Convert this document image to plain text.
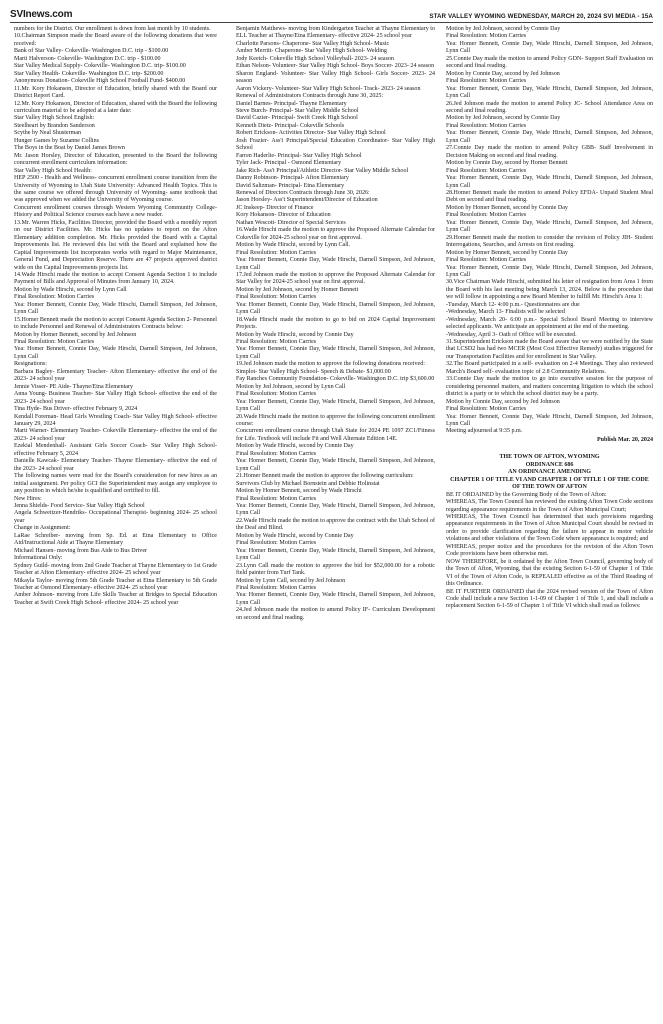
SVInews.com	STAR VALLEY WYOMING WEDNESDAY, MARCH 20, 2024 SVI MEDIA - 15A

numbers for the District. Our enrollment is down from last month by 10 students.

10.Chairman Simpson made the Board aware of the following donations that were received:

Bank of Star Valley- Cokeville- Washington D.C. trip - $100.00

Marti Halverson- Cokeville- Washington D.C. trip - $100.00

Star Valley Medical Supply- Cokeville- Washington D.C. trip- $100.00

Star Valley Health- Cokeville- Washington D.C. trip- $200.00

Anonymous Donation- Cokeville High School Football Fund- $400.00

11.Mr. Kory Hokanson, Director of Education, briefly shared with the Board our District Report Card.

12.Mr. Kory Hokanson, Director of Education, shared with the Board the following curriculum material to be adopted at a later date:

Star Valley High School English:

Steelheart by Brandon Sanderson

Scythe by Neal Shusterman

Hunger Games by Suzanne Collins

The Boys in the Boat by Daniel James Brown

Mr. Jason Horsley, Director of Education, presented to the Board the following concurrent enrollment curriculum information:

Star Valley High School Health:

HEP 2500 - Health and Wellness- concurrent enrollment course transition from the University of Wyoming to Utah State University: Advanced Health Topics. This is the same course we offered through University of Wyoming- same textbook that was approved when we added the University of Wyoming course.

Concurrent enrollment courses through Western Wyoming Community College- History and Political Science courses each have a new reader.

13.Mr. Warren Hicks, Facilities Director, provided the Board with a monthly report on our District Facilities. Mr. Hicks has no updates to report on the Afton Elementary addition completion. Mr. Hicks provided the Board with a Capital Improvements list. He reviewed this list with the Board and explained how the Capital Improvements list incorporates works with regard to Major Maintenance, General Fund, and Depreciation Reserve. There are 47 projects approved district wide on the Capital Improvements projects list.

14.Wade Hirschi made the motion to accept Consent Agenda Section 1 to include Payment of Bills and Approval of Minutes from January 10, 2024.

Motion by Wade Hirschi, second by Lynn Call

Final Resolution: Motion Carries

Yea: Homer Bennett, Connie Day, Wade Hirschi, Darnell Simpson, Jed Johnson, Lynn Call

15.Homer Bennett made the motion to accept Consent Agenda Section 2- Personnel to include Personnel and Renewal of Administrators Contracts below:

Motion by Homer Bennett, second by Jed Johnson

Final Resolution: Motion Carries

Yea: Homer Bennett, Connie Day, Wade Hirschi, Darnell Simpson, Jed Johnson, Lynn Call

Resignations:

Barbara Bagley- Elementary Teacher- Afton Elementary- effective the end of the 2023- 24 school year

Jennie Visser- PE Aide- Thayne/Etna Elementary

Anna Young- Business Teacher- Star Valley High School- effective the end of the 2023- 24 school year

Tina Hyde- Bus Driver- effective February 9, 2024

Kendall Foreman- Head Girls Wrestling Coach- Star Valley High School- effective January 29, 2024

Marti Warner- Elementary Teacher- Cokeville Elementary- effective the end of the 2023- 24 school year

Ezekial Mendenhall- Assistant Girls Soccer Coach- Star Valley High School- effective February 5, 2024

Danielle Kawcak- Elementary Teacher- Thayne Elementary- effective the end of the 2023- 24 school year

The following names were read for the Board's consideration for new hires as an initial assignment. Per policy GCI the Superintendent may assign any employee to any position in which he/she is qualified and certified to fill.

New Hires:

Jenna Shields- Food Service- Star Valley High School

Angela Schweitzer-Hendriks- Occupational Therapist- beginning 2024- 25 school year

Change in Assignment:

LaRae Schreiber- moving from Sp. Ed. at Etna Elementary to Office Aid/Instructional Aide at Thayne Elementary

Michael Hansen- moving from Bus Aide to Bus Driver

Informational Only:

Sydney Guild- moving from 2nd Grade Teacher at Thayne Elementary to 1st Grade Teacher at Afton Elementary- effective 2024- 25 school year

Mikayla Taylor- moving from 5th Grade Teacher at Etna Elementary to 5th Grade Teacher at Osmond Elementary- effective 2024- 25 school year

Amber Johnson- moving from Life Skills Teacher at Bridges to Special Education Teacher at Swift Creek High School- effective 2024- 25 school year

Benjamin Matthews- moving from Kindergarten Teacher at Thayne Elementary to ELL Teacher at Thayne/Etna Elementary- effective 2024- 25 school year

Charlotte Parsons- Chaperone- Star Valley High School- Music

Amber Merritt- Chaperone- Star Valley High School- Welding

Jody Keetch- Cokeville High School Volleyball- 2023- 24 season

Ethan Nelson- Volunteer- Star Valley High School- Boys Soccer- 2023- 24 season

Sharon England- Volunteer- Star Valley High School- Girls Soccer- 2023- 24 season

Aaron Vickery- Volunteer- Star Valley High School- Track- 2023- 24 season

Renewal of Administrators Contracts through June 30, 2025:

Daniel Barnes- Principal- Thayne Elementary

Steve Burch- Principal- Star Valley Middle School

David Cazier- Principal- Swift Creek High School

Kenneth Dietz- Principal- Cokeville Schools

Robert Erickson- Activities Director- Star Valley High School

Josh Frazier- Ass't Principal/Special Education Coordinator- Star Valley High School

Farren Haderlie- Principal- Star Valley High School

Tyler Jack- Principal - Osmond Elementary

Jake Rich- Ass't Principal/Athletic Director- Star Valley Middle School

Danny Robinson- Principal- Afton Elementary

David Saltzman- Principal- Etna Elementary

Renewal of Directors Contracts through June 30, 2026:

Jason Horsley- Ass't Superintendent/Director of Education

JC Inskeep- Director of Finance

Kory Hokanson- Director of Education

Nathan Wescott- Director of Special Services

16.Wade Hirschi made the motion to approve the Proposed Alternate Calendar for Cokeville for 2024-25 school year on first approval.

Motion by Wade Hirschi, second by Lynn Call.

Final Resolution: Motion Carries

Yea: Homer Bennett, Connie Day, Wade Hirschi, Darnell Simpson, Jed Johnson, Lynn Call

17.Jed Johnson made the motion to approve the Proposed Alternate Calendar for Star Valley for 2024-25 school year on first approval.

Motion by Jed Johnson, second by Homer Bennett

Final Resolution: Motion Carries

Yea: Homer Bennett, Connie Day, Wade Hirschi, Darnell Simpson, Jed Johnson, Lynn Call

18.Wade Hirschi made the motion to go to bid on 2024 Capital Improvement Projects.

Motion by Wade Hirschi, second by Connie Day

Final Resolution: Motion Carries

Yea: Homer Bennett, Connie Day, Wade Hirschi, Darnell Simpson, Jed Johnson, Lynn Call

19.Jed Johnson made the motion to approve the following donations received:

Simplot- Star Valley High School- Speech & Debate- $1,000.00

Fay Ranches Community Foundation- Cokeville- Washington D.C. trip $3,600.00

Motion by Jed Johnson, second by Lynn Call

Final Resolution: Motion Carries

Yea: Homer Bennett, Connie Day, Wade Hirschi, Darnell Simpson, Jed Johnson, Lynn Call

20.Wade Hirschi made the motion to approve the following concurrent enrollment course:

Concurrent enrollment course through Utah State for 2024 PE 1097 ZC1/Fitness for Life. Textbook will include Fit and Well Alternate Edition 14E.

Motion by Wade Hirschi, second by Connie Day

Final Resolution: Motion Carries

Yea: Homer Bennett, Connie Day, Wade Hirschi, Darnell Simpson, Jed Johnson, Lynn Call

21.Homer Bennett made the motion to approve the following curriculum:

Survivors Club by Michael Bornstein and Debbie Holinstat

Motion by Homer Bennett, second by Wade Hirschi

Final Resolution: Motion Carries

Yea: Homer Bennett, Connie Day, Wade Hirschi, Darnell Simpson, Jed Johnson, Lynn Call

22.Wade Hirschi made the motion to approve the contract with the Utah School of the Deaf and Blind.

Motion by Wade Hirschi, second by Connie Day

Final Resolution: Motion Carries

Yea: Homer Bennett, Connie Day, Wade Hirschi, Darnell Simpson, Jed Johnson, Lynn Call

23.Lynn Call made the motion to approve the bid for $52,000.00 for a robotic field painter from Turf Tank.

Motion by Lynn Call, second by Jed Johnson

Final Resolution: Motion Carries

Yea: Homer Bennett, Connie Day, Wade Hirschi, Darnell Simpson, Jed Johnson, Lynn Call

24.Jed Johnson made the motion to amend Policy IF- Curriculum Development on second and final reading.

Motion by Jed Johnson, second by Connie Day

Final Resolution: Motion Carries

Yea: Homer Bennett, Connie Day, Wade Hirschi, Darnell Simpson, Jed Johnson, Lynn Call

25.Connie Day made the motion to amend Policy GDN- Support Staff Evaluation on second and final reading.

Motion by Connie Day, second by Jed Johnson

Final Resolution: Motion Carries

Yea: Homer Bennett, Connie Day, Wade Hirschi, Darnell Simpson, Jed Johnson, Lynn Call

26.Jed Johnson made the motion to amend Policy JC- School Attendance Area on second and final reading.

Motion by Jed Johnson, second by Connie Day

Final Resolution: Motion Carries

Yea: Homer Bennett, Connie Day, Wade Hirschi, Darnell Simpson, Jed Johnson, Lynn Call

27.Connie Day made the motion to amend Policy GBB- Staff Involvement in Decision Making on second and final reading.

Motion by Connie Day, second by Homer Bennett

Final Resolution: Motion Carries

Yea: Homer Bennett, Connie Day, Wade Hirschi, Darnell Simpson, Jed Johnson, Lynn Call

28.Homer Bennett made the motion to amend Policy EFDA- Unpaid Student Meal Debt on second and final reading.

Motion by Homer Bennett, second by Connie Day

Final Resolution: Motion Carries

Yea: Homer Bennett, Connie Day, Wade Hirschi, Darnell Simpson, Jed Johnson, Lynn Call

29.Homer Bennett made the motion to consider the revision of Policy JIH- Student Interrogations, Searches, and Arrests on first reading.

Motion by Homer Bennett, second by Connie Day

Final Resolution: Motion Carries

Yea: Homer Bennett, Connie Day, Wade Hirschi, Darnell Simpson, Jed Johnson, Lynn Call

30.Vice Chairman Wade Hirschi, submitted his letter of resignation from Area 1 from the Board with his last meeting being March 13, 2024. Below is the procedure that we will follow in appointing a new Board Member to fulfill Mr. Hirschi's Area 1:

-Tuesday, March 12- 4:00 p.m.- Questionnaires are due

-Wednesday, March 13- Finalists will be selected

-Wednesday, March 20- 6:00 p.m.- Special School Board Meeting to interview selected applicants. We anticipate an appointment at the end of the meeting.

-Wednesday, April 3- Oath of Office will be executed.

31.Superintendent Erickson made the Board aware that we were notified by the State that LCSD2 has had two MCER (Most Cost Effective Remedy) studies triggered for our Transportation Facilities and for enrollment in Star Valley.

32.The Board participated in a self- evaluation on 2-4 Meetings. They also reviewed March's Board self- evaluation topic of 2.8 Community Relations.

33.Connie Day made the motion to go into executive session for the purpose of considering personnel matters, and matters concerning litigation to which the school district is a party or to which the school district may be a party.

Motion by Connie Day, second by Jed Johnson

Final Resolution: Motion Carries

Yea: Homer Bennett, Connie Day, Wade Hirschi, Darnell Simpson, Jed Johnson, Lynn Call

Meeting adjourned at 9:35 p.m.

Publish Mar. 20, 2024

THE TOWN OF AFTON, WYOMING

ORDINANCE 686

AN ORDINANCE AMENDING

CHAPTER 1 OF TITLE VI AND CHAPTER 1 OF TITLE 1 OF THE CODE OF THE TOWN OF AFTON

BE IT ORDAINED by the Governing Body of the Town of Afton:

WHEREAS, The Town Council has reviewed the existing Afton Town Code sections regarding appearance requirements in the Town of Afton Municipal Court;

WHEREAS, The Town Council has determined that such provisions regarding appearance requirements in the Town of Afton Municipal Court should be revised in order to provide clarification regarding the failure to appear in motor vehicle violations and other violations of the Town Code where appearance is required; and

WHEREAS, proper notice and the procedures for the revision of the Afton Town Code provisions have been otherwise met.

NOW THEREFORE, be it ordained by the Afton Town Council, governing body of the Town of Afton, Wyoming, that the existing Section 6-1-59 of Chapter 1 of Title VI of the Town of Afton Code, is REPEALED effective as of the Third Reading of this Ordinance.

BE IT FURTHER ORDAINED that the 2024 revised version of the Town of Afton Code shall include a new Section 1-1-09 of Chapter 1 of Title 1, and shall include a replacement Section 6-1-59 of Chapter 1 of Title VI which shall read as follows:
